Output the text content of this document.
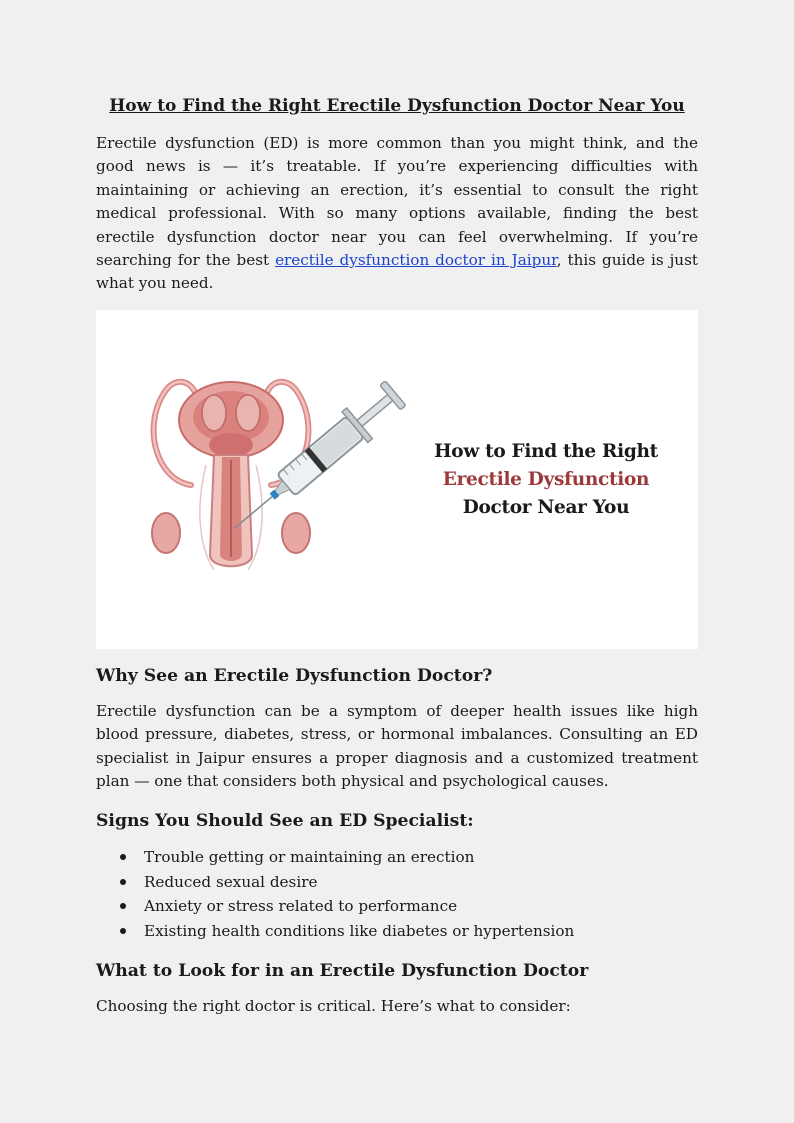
How to Find the Right Erectile Dysfunction Doctor Near You

Erectile dysfunction (ED) is more common than you might think, and the good news is — it’s treatable. If you’re experiencing difficulties with maintaining or achieving an erection, it’s essential to consult the right medical professional. With so many options available, finding the best erectile dysfunction doctor near you can feel overwhelming. If you’re searching for the best erectile dysfunction doctor in Jaipur, this guide is just what you need.

How to Find the Right
Erectile Dysfunction
Doctor Near You
Why See an Erectile Dysfunction Doctor?

Erectile dysfunction can be a symptom of deeper health issues like high blood pressure, diabetes, stress, or hormonal imbalances. Consulting an ED specialist in Jaipur ensures a proper diagnosis and a customized treatment plan — one that considers both physical and psychological causes.

Signs You Should See an ED Specialist:
Trouble getting or maintaining an erection
Reduced sexual desire
Anxiety or stress related to performance
Existing health conditions like diabetes or hypertension
What to Look for in an Erectile Dysfunction Doctor

Choosing the right doctor is critical. Here’s what to consider:
